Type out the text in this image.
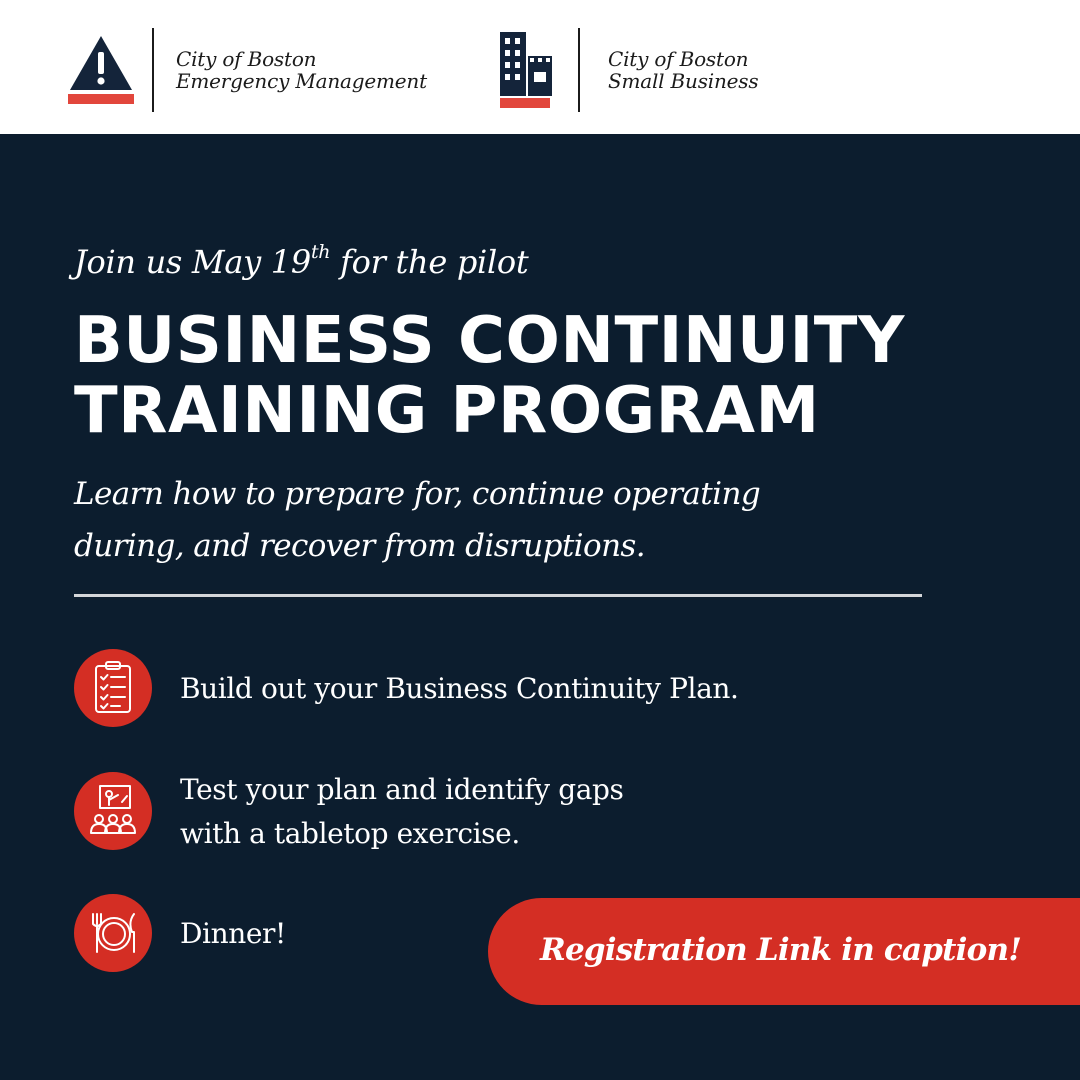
City of Boston
Emergency Management
City of Boston
Small Business
Join us May 19th for the pilot
BUSINESS CONTINUITY
TRAINING PROGRAM
Learn how to prepare for, continue operating
during, and recover from disruptions.
Build out your Business Continuity Plan.
Test your plan and identify gaps
with a tabletop exercise.
Dinner!	Registration Link in caption!
